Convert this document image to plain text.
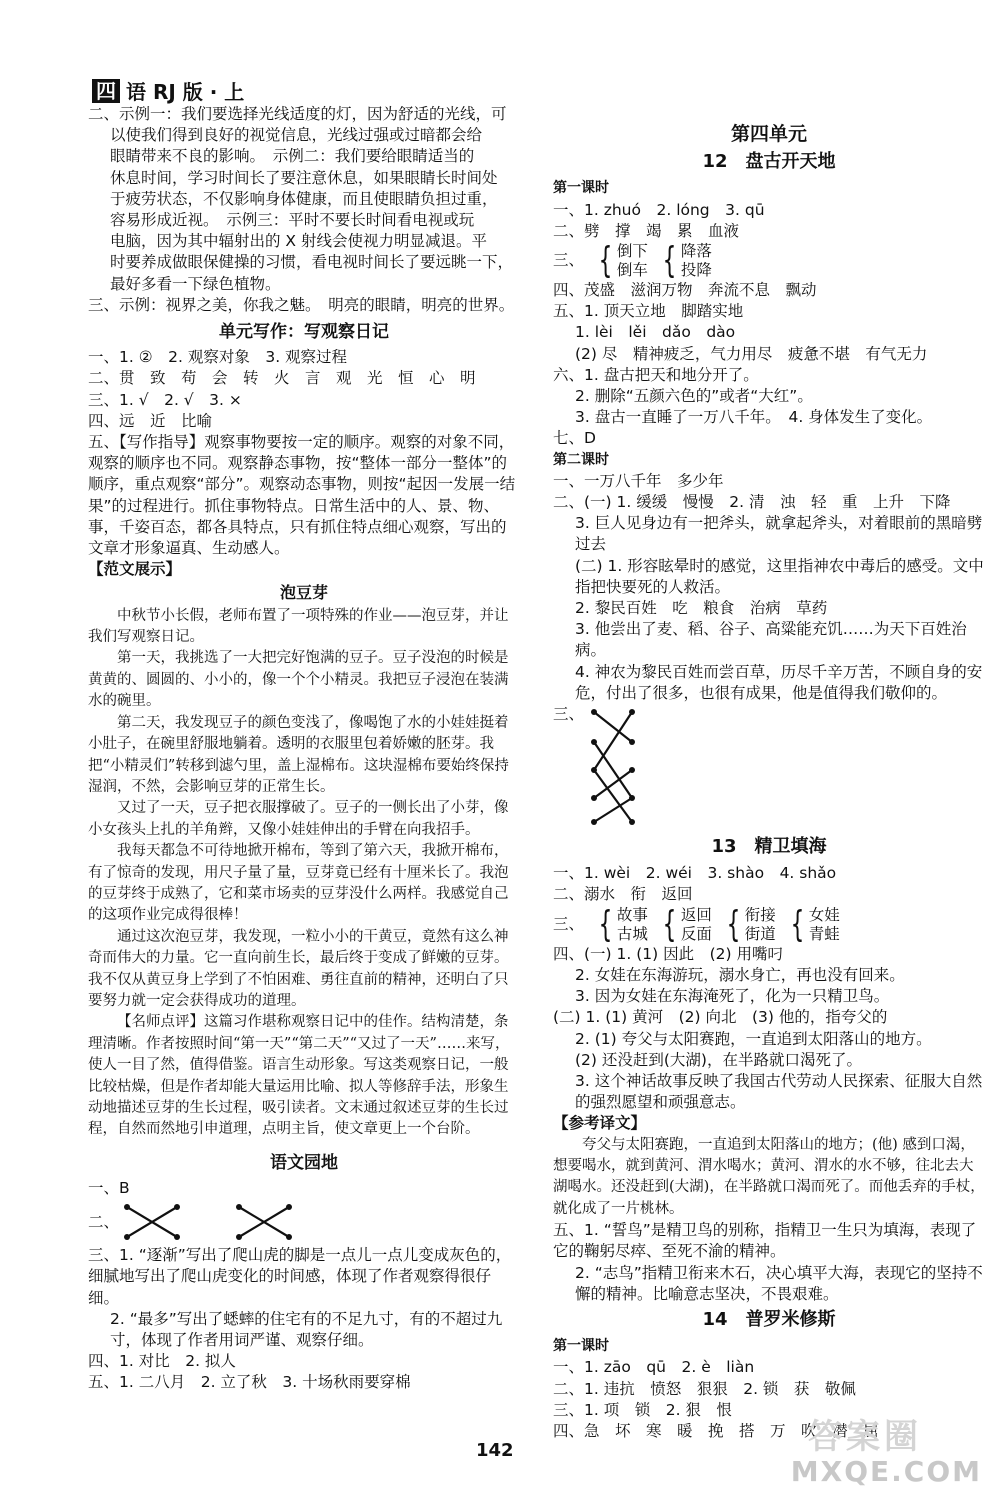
四 语 RJ 版 · 上
二、示例一：我们要选择光线适度的灯，因为舒适的光线，可
以使我们得到良好的视觉信息，光线过强或过暗都会给
眼睛带来不良的影响。　示例二：我们要给眼睛适当的
休息时间，学习时间长了要注意休息，如果眼睛长时间处
于疲劳状态，不仅影响身体健康，而且使眼睛负担过重，
容易形成近视。　示例三：平时不要长时间看电视或玩
电脑，因为其中辐射出的 X 射线会使视力明显减退。平
时要养成做眼保健操的习惯，看电视时间长了要远眺一下，
最好多看一下绿色植物。
三、示例：视界之美，你我之魅。　明亮的眼睛，明亮的世界。
单元写作：写观察日记
一、1. ②　2. 观察对象　3. 观察过程
二、贯　致　苟　会　转　火　言　观　光　恒　心　明
三、1. √　2. √　3. ×
四、远　近　比喻
五、【写作指导】观察事物要按一定的顺序。观察的对象不同，观察的顺序也不同。观察静态事物，按“整体一部分一整体”的顺序，重点观察“部分”。观察动态事物，则按“起因一发展一结果”的过程进行。抓住事物特点。日常生活中的人、景、物、事，千姿百态，都各具特点，只有抓住特点细心观察，写出的文章才形象逼真、生动感人。
【范文展示】
泡豆芽
中秋节小长假，老师布置了一项特殊的作业——泡豆芽，并让我们写观察日记。
第一天，我挑选了一大把完好饱满的豆子。豆子没泡的时候是黄黄的、圆圆的、小小的，像一个个小精灵。我把豆子浸泡在装满水的碗里。
第二天，我发现豆子的颜色变浅了，像喝饱了水的小娃娃挺着小肚子，在碗里舒服地躺着。透明的衣服里包着娇嫩的胚芽。我把“小精灵们”转移到滤勺里，盖上湿棉布。这块湿棉布要始终保持湿润，不然，会影响豆芽的正常生长。
又过了一天，豆子把衣服撑破了。豆子的一侧长出了小芽，像小女孩头上扎的羊角辫，又像小娃娃伸出的手臂在向我招手。
我每天都急不可待地掀开棉布，等到了第六天，我掀开棉布，有了惊奇的发现，用尺子量了量，豆芽竟已经有十厘米长了。我泡的豆芽终于成熟了，它和菜市场卖的豆芽没什么两样。我感觉自己的这项作业完成得很棒！
通过这次泡豆芽，我发现，一粒小小的干黄豆，竟然有这么神奇而伟大的力量。它一直向前生长，最后终于变成了鲜嫩的豆芽。我不仅从黄豆身上学到了不怕困难、勇往直前的精神，还明白了只要努力就一定会获得成功的道理。
【名师点评】这篇习作堪称观察日记中的佳作。结构清楚，条理清晰。作者按照时间“第一天”“第二天”“又过了一天”……来写，使人一目了然，值得借鉴。语言生动形象。写这类观察日记，一般比较枯燥，但是作者却能大量运用比喻、拟人等修辞手法，形象生动地描述豆芽的生长过程，吸引读者。文末通过叙述豆芽的生长过程，自然而然地引申道理，点明主旨，使文章更上一个台阶。
语文园地
一、B
二、
三、1. “逐渐”写出了爬山虎的脚是一点儿一点儿变成灰色的，细腻地写出了爬山虎变化的时间感，体现了作者观察得很仔细。
2. “最多”写出了蟋蟀的住宅有的不足九寸，有的不超过九寸，体现了作者用词严谨、观察仔细。
四、1. 对比　2. 拟人
五、1. 二八月　2. 立了秋　3. 十场秋雨要穿棉
第四单元
12　盘古开天地
第一课时
一、1. zhuó　2. lóng　3. qū
二、劈　撑　竭　累　血液
三、 { 倒下
倒车 { 降落
投降
四、茂盛　滋润万物　奔流不息　飘动
五、1. 顶天立地　脚踏实地
1. lèi　lěi　dǎo　dào
(2) 尽　精神疲乏，气力用尽　疲惫不堪　有气无力
六、1. 盘古把天和地分开了。
2. 删除“五颜六色的”或者“大红”。
3. 盘古一直睡了一万八千年。　4. 身体发生了变化。
七、D
第二课时
一、一万八千年　多少年
二、(一) 1. 缓缓　慢慢　2. 清　浊　轻　重　上升　下降
3. 巨人见身边有一把斧头，就拿起斧头，对着眼前的黑暗劈过去
(二) 1. 形容眩晕时的感觉，这里指神农中毒后的感受。文中指把快要死的人救活。
2. 黎民百姓　吃　粮食　治病　草药
3. 他尝出了麦、稻、谷子、高粱能充饥……为天下百姓治病。
4. 神农为黎民百姓而尝百草，历尽千辛万苦，不顾自身的安危，付出了很多，也很有成果，他是值得我们敬仰的。
三、
13　精卫填海
一、1. wèi　2. wéi　3. shào　4. shǎo
二、溺水　衔　返回
三、 { 故事
古城 { 返回
反面 { 衔接
街道 { 女娃
青蛙
四、(一) 1. (1) 因此　(2) 用嘴叼
2. 女娃在东海游玩，溺水身亡，再也没有回来。
3. 因为女娃在东海淹死了，化为一只精卫鸟。
(二) 1. (1) 黄河　(2) 向北　(3) 他的，指夸父的
2. (1) 夸父与太阳赛跑，一直追到太阳落山的地方。
(2) 还没赶到(大湖)，在半路就口渴死了。
3. 这个神话故事反映了我国古代劳动人民探索、征服大自然的强烈愿望和顽强意志。
【参考译文】
夸父与太阳赛跑，一直追到太阳落山的地方；(他) 感到口渴，想要喝水，就到黄河、渭水喝水；黄河、渭水的水不够，往北去大湖喝水。还没赶到(大湖)，在半路就口渴而死了。而他丢弃的手杖，就化成了一片桃林。
五、1. “誓鸟”是精卫鸟的别称，指精卫一生只为填海，表现了它的鞠躬尽瘁、至死不渝的精神。
2. “志鸟”指精卫衔来木石，决心填平大海，表现它的坚持不懈的精神。比喻意志坚决，不畏艰难。
14　普罗米修斯
第一课时
一、1. zāo　qū　2. è　liàn
二、1. 违抗　愤怒　狠狠　2. 锁　获　敬佩
三、1. 项　锁　2. 狠　恨
四、急　坏　寒　暖　挽　搭　万　吹　潜　屈
142	答案圈
MXQE.COM
